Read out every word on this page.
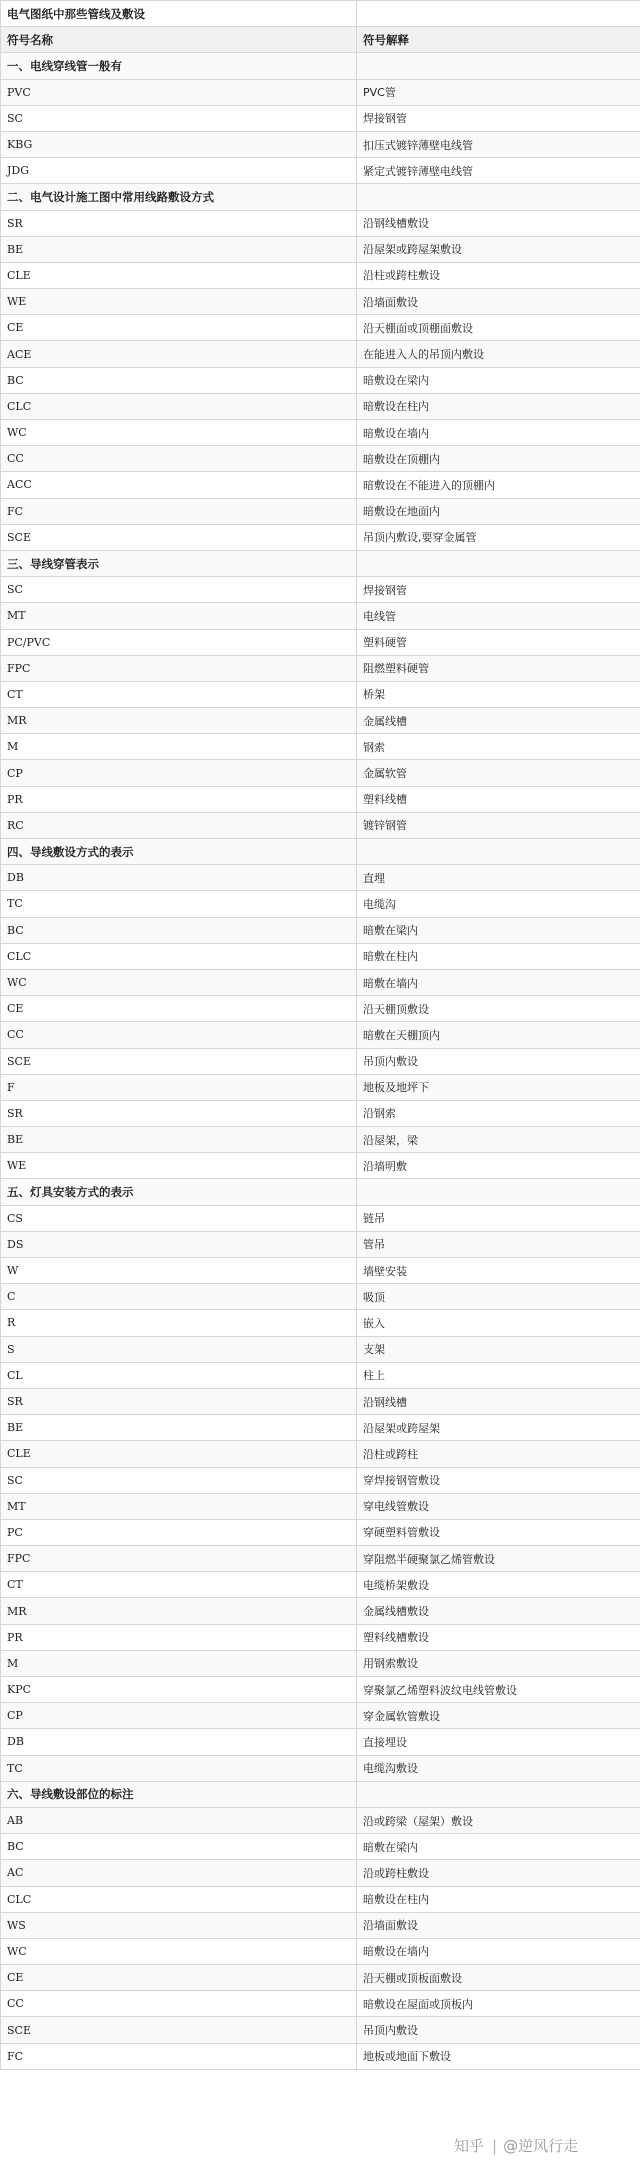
电气图纸中那些管线及敷设	
符号名称	符号解释
一、电线穿线管一般有	
PVC	PVC管
SC	焊接钢管
KBG	扣压式镀锌薄壁电线管
JDG	紧定式镀锌薄壁电线管
二、电气设计施工图中常用线路敷设方式	
SR	沿钢线槽敷设
BE	沿屋架或跨屋架敷设
CLE	沿柱或跨柱敷设
WE	沿墙面敷设
CE	沿天棚面或顶棚面敷设
ACE	在能进入人的吊顶内敷设
BC	暗敷设在梁内
CLC	暗敷设在柱内
WC	暗敷设在墙内
CC	暗敷设在顶棚内
ACC	暗敷设在不能进入的顶棚内
FC	暗敷设在地面内
SCE	吊顶内敷设,要穿金属管
三、导线穿管表示	
SC	焊接钢管
MT	电线管
PC/PVC	塑料硬管
FPC	阻燃塑料硬管
CT	桥架
MR	金属线槽
M	钢索
CP	金属软管
PR	塑料线槽
RC	镀锌钢管
四、导线敷设方式的表示	
DB	直埋
TC	电缆沟
BC	暗敷在梁内
CLC	暗敷在柱内
WC	暗敷在墙内
CE	沿天棚顶敷设
CC	暗敷在天棚顶内
SCE	吊顶内敷设
F	地板及地坪下
SR	沿钢索
BE	沿屋架，梁
WE	沿墙明敷
五、灯具安装方式的表示	
CS	链吊
DS	管吊
W	墙壁安装
C	吸顶
R	嵌入
S	支架
CL	柱上
SR	沿钢线槽
BE	沿屋架或跨屋架
CLE	沿柱或跨柱
SC	穿焊接钢管敷设
MT	穿电线管敷设
PC	穿硬塑料管敷设
FPC	穿阻燃半硬聚氯乙烯管敷设
CT	电缆桥架敷设
MR	金属线槽敷设
PR	塑料线槽敷设
M	用钢索敷设
KPC	穿聚氯乙烯塑料波纹电线管敷设
CP	穿金属软管敷设
DB	直接埋设
TC	电缆沟敷设
六、导线敷设部位的标注	
AB	沿或跨梁（屋架）敷设
BC	暗敷在梁内
AC	沿或跨柱敷设
CLC	暗敷设在柱内
WS	沿墙面敷设
WC	暗敷设在墙内
CE	沿天棚或顶板面敷设
CC	暗敷设在屋面或顶板内
SCE	吊顶内敷设
FC	地板或地面下敷设
知乎 | @逆风行走
